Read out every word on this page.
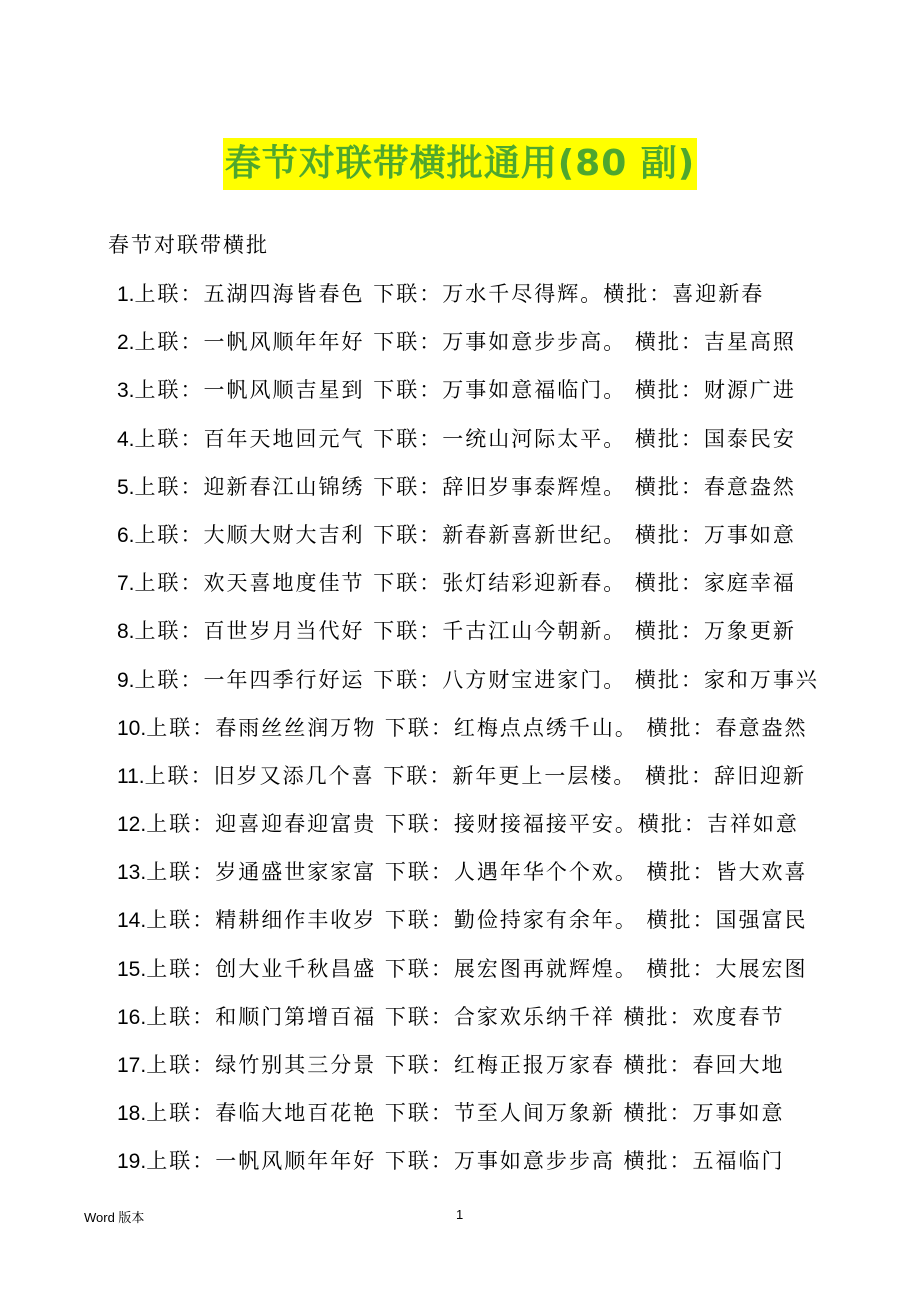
春节对联带横批通用(80 副)
春节对联带横批
1.上联：五湖四海皆春色 下联：万水千尽得辉。横批：喜迎新春
2.上联：一帆风顺年年好 下联：万事如意步步高。 横批：吉星高照
3.上联：一帆风顺吉星到 下联：万事如意福临门。 横批：财源广进
4.上联：百年天地回元气 下联：一统山河际太平。 横批：国泰民安
5.上联：迎新春江山锦绣 下联：辞旧岁事泰辉煌。 横批：春意盎然
6.上联：大顺大财大吉利 下联：新春新喜新世纪。 横批：万事如意
7.上联：欢天喜地度佳节 下联：张灯结彩迎新春。 横批：家庭幸福
8.上联：百世岁月当代好 下联：千古江山今朝新。 横批：万象更新
9.上联：一年四季行好运 下联：八方财宝进家门。 横批：家和万事兴
10.上联：春雨丝丝润万物 下联：红梅点点绣千山。 横批：春意盎然
11.上联：旧岁又添几个喜 下联：新年更上一层楼。 横批：辞旧迎新
12.上联：迎喜迎春迎富贵 下联：接财接福接平安。横批：吉祥如意
13.上联：岁通盛世家家富 下联：人遇年华个个欢。 横批：皆大欢喜
14.上联：精耕细作丰收岁 下联：勤俭持家有余年。 横批：国强富民
15.上联：创大业千秋昌盛 下联：展宏图再就辉煌。 横批：大展宏图
16.上联：和顺门第增百福 下联：合家欢乐纳千祥 横批：欢度春节
17.上联：绿竹别其三分景 下联：红梅正报万家春 横批：春回大地
18.上联：春临大地百花艳 下联：节至人间万象新 横批：万事如意
19.上联：一帆风顺年年好 下联：万事如意步步高 横批：五福临门
Word 版本	1
